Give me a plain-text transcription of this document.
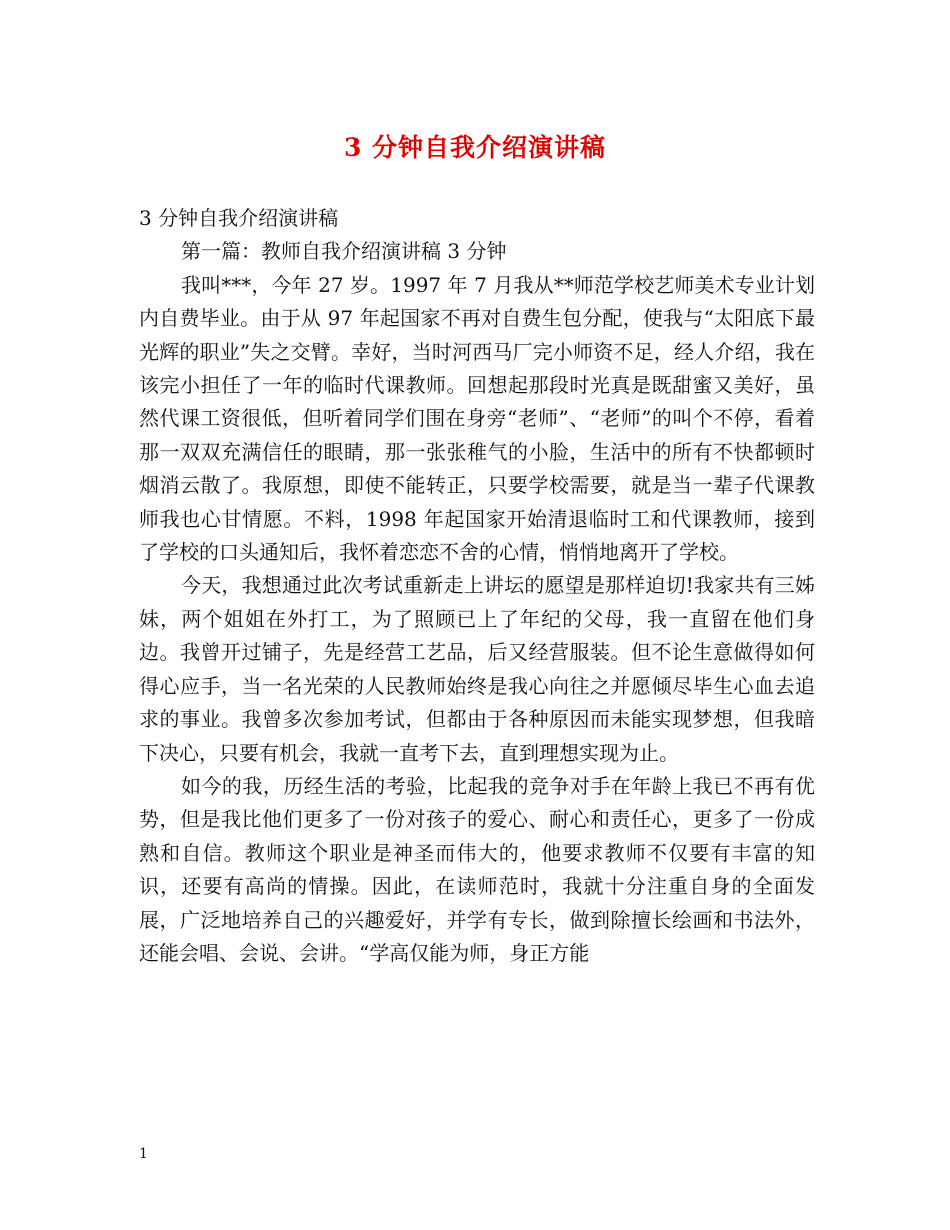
3 分钟自我介绍演讲稿

3 分钟自我介绍演讲稿

第一篇：教师自我介绍演讲稿 3 分钟

我叫***，今年 27 岁。1997 年 7 月我从**师范学校艺师美术专业计划内自费毕业。由于从 97 年起国家不再对自费生包分配，使我与“太阳底下最光辉的职业”失之交臂。幸好，当时河西马厂完小师资不足，经人介绍，我在该完小担任了一年的临时代课教师。回想起那段时光真是既甜蜜又美好，虽然代课工资很低，但听着同学们围在身旁“老师”、“老师”的叫个不停，看着那一双双充满信任的眼睛，那一张张稚气的小脸，生活中的所有不快都顿时烟消云散了。我原想，即使不能转正，只要学校需要，就是当一辈子代课教师我也心甘情愿。不料，1998 年起国家开始清退临时工和代课教师，接到了学校的口头通知后，我怀着恋恋不舍的心情，悄悄地离开了学校。

今天，我想通过此次考试重新走上讲坛的愿望是那样迫切!我家共有三姊妹，两个姐姐在外打工，为了照顾已上了年纪的父母，我一直留在他们身边。我曾开过铺子，先是经营工艺品，后又经营服装。但不论生意做得如何得心应手，当一名光荣的人民教师始终是我心向往之并愿倾尽毕生心血去追求的事业。我曾多次参加考试，但都由于各种原因而未能实现梦想，但我暗下决心，只要有机会，我就一直考下去，直到理想实现为止。

如今的我，历经生活的考验，比起我的竞争对手在年龄上我已不再有优势，但是我比他们更多了一份对孩子的爱心、耐心和责任心，更多了一份成熟和自信。教师这个职业是神圣而伟大的，他要求教师不仅要有丰富的知识，还要有高尚的情操。因此，在读师范时，我就十分注重自身的全面发展，广泛地培养自己的兴趣爱好，并学有专长，做到除擅长绘画和书法外，还能会唱、会说、会讲。“学高仅能为师，身正方能

1
